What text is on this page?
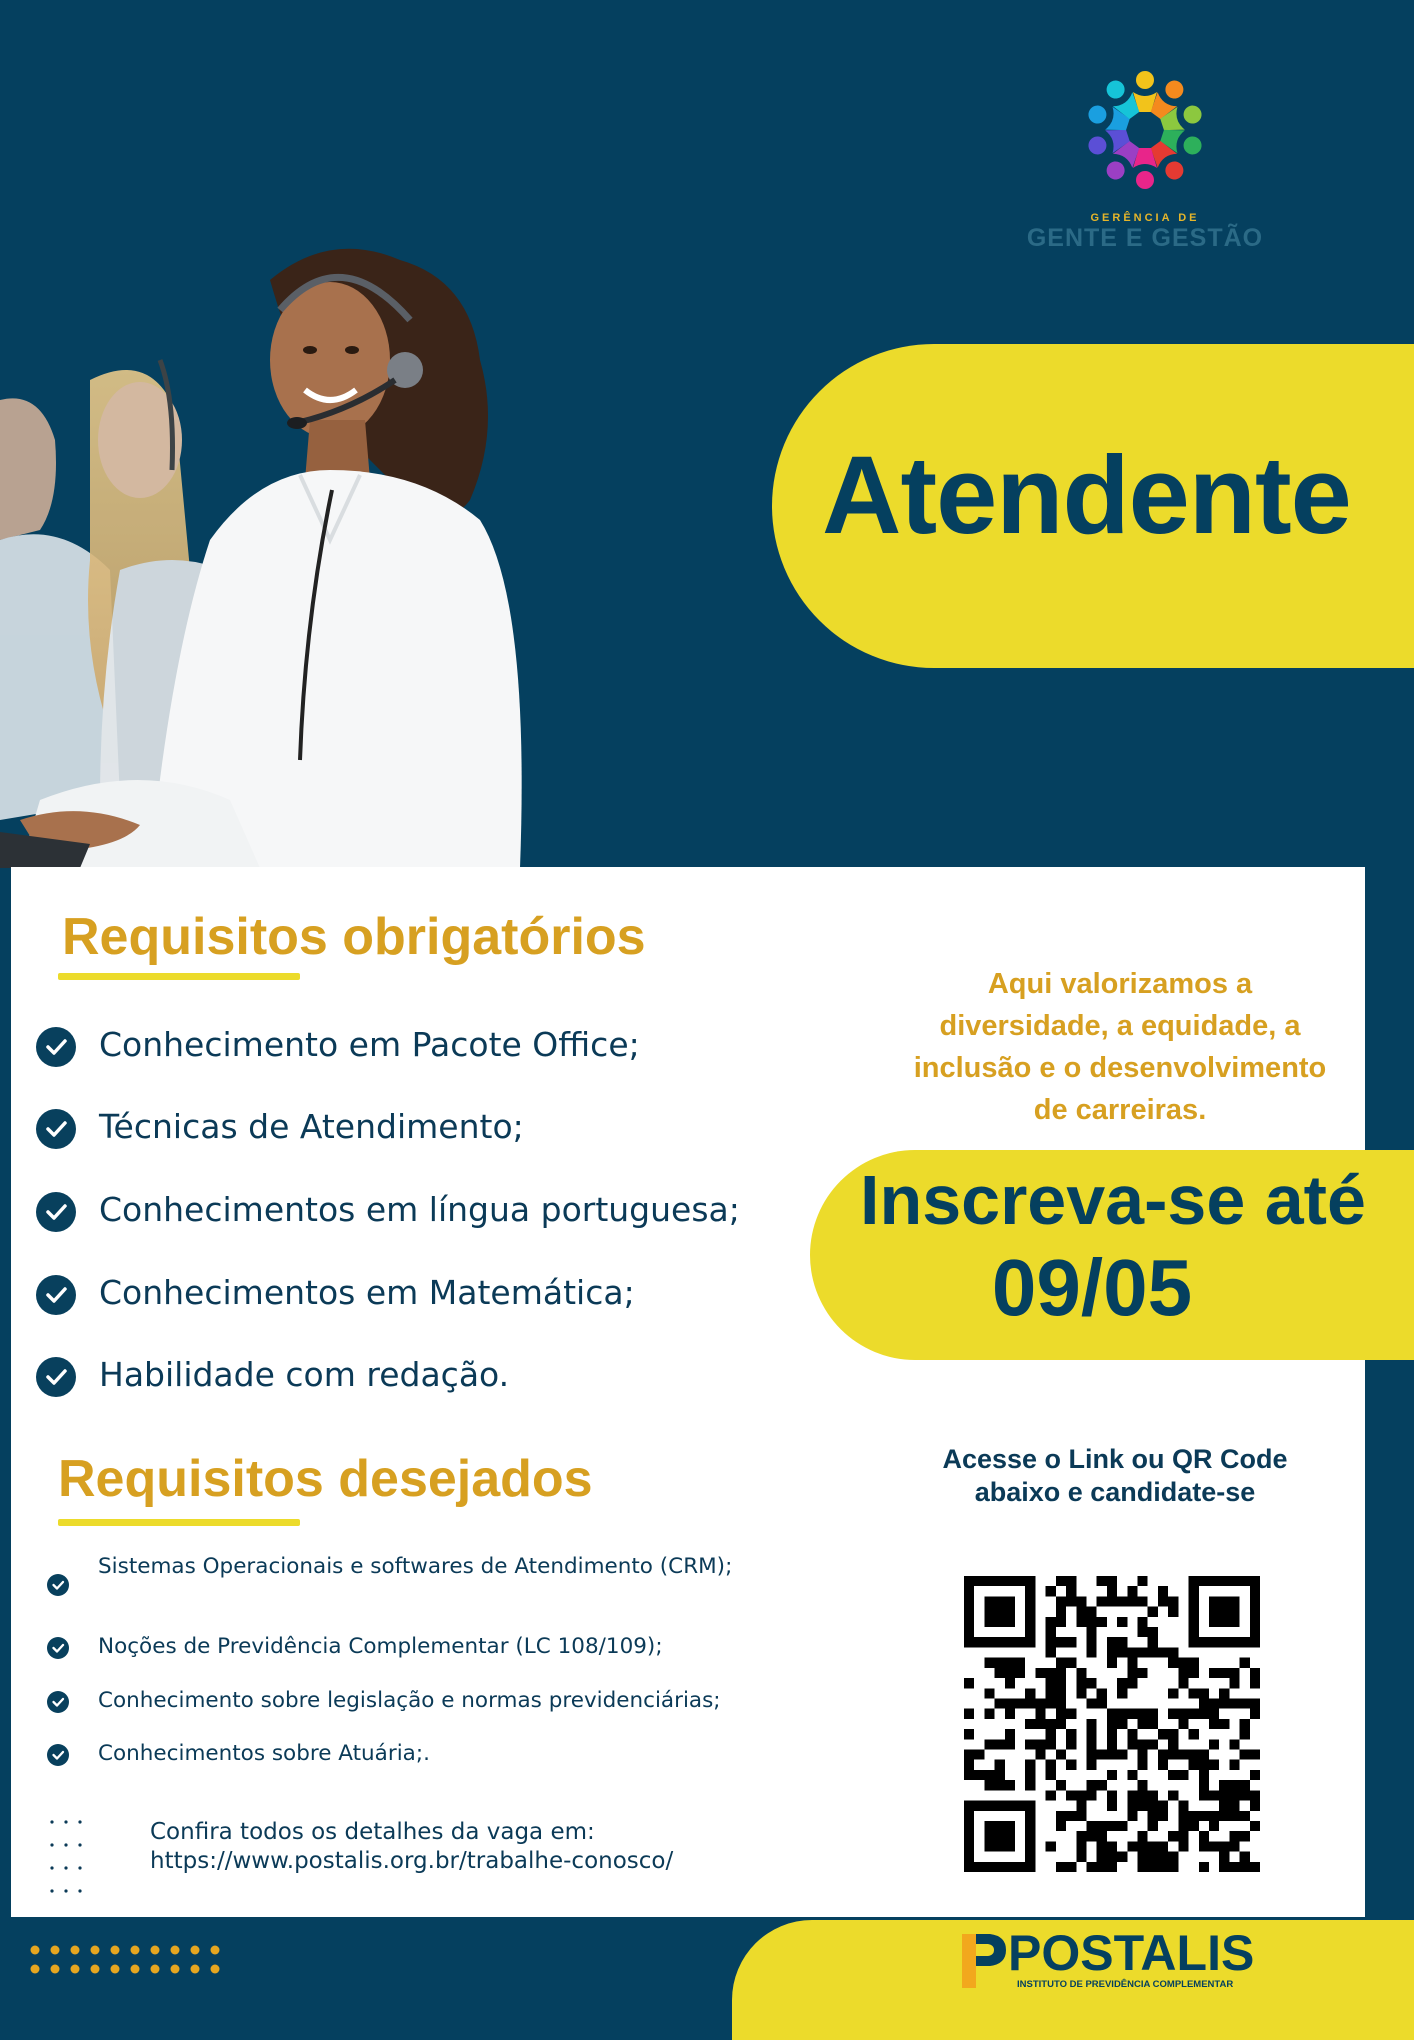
GERÊNCIA DE
GENTE E GESTÃO
Atendente
Requisitos obrigatórios
Conhecimento em Pacote Office;
Técnicas de Atendimento;
Conhecimentos em língua portuguesa;
Conhecimentos em Matemática;
Habilidade com redação.
Requisitos desejados
Sistemas Operacionais e softwares de Atendimento (CRM);
Noções de Previdência Complementar (LC 108/109);
Conhecimento sobre legislação e normas previdenciárias;
Conhecimentos sobre Atuária;.
Aqui valorizamos a
diversidade, a equidade, a
inclusão e o desenvolvimento
de carreiras.
Inscreva-se até
09/05
Acesse o Link ou QR Code
abaixo e candidate-se
Confira todos os detalhes da vaga em:
https://www.postalis.org.br/trabalhe-conosco/
POSTALIS
INSTITUTO DE PREVIDÊNCIA COMPLEMENTAR
